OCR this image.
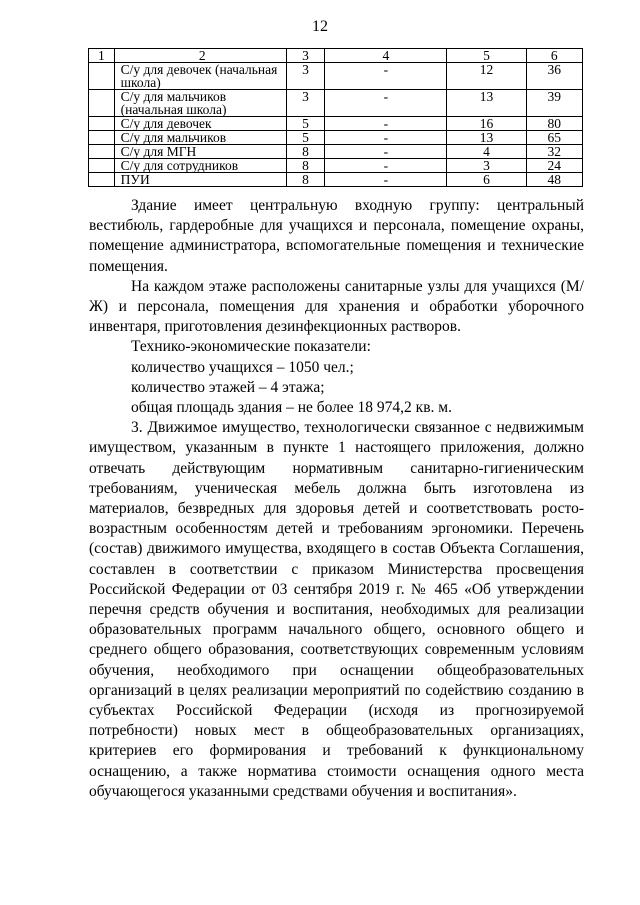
12
1	2	3	4	5	6
	С/у для девочек (начальная школа)	3	-	12	36
	С/у для мальчиков (начальная школа)	3	-	13	39
	С/у для девочек	5	-	16	80
	С/у для мальчиков	5	-	13	65
	С/у для МГН	8	-	4	32
	С/у для сотрудников	8	-	3	24
	ПУИ	8	-	6	48

Здание имеет центральную входную группу: центральный вестибюль, гардеробные для учащихся и персонала, помещение охраны, помещение администратора, вспомогательные помещения и технические помещения.

На каждом этаже расположены санитарные узлы для учащихся (М/Ж) и персонала, помещения для хранения и обработки уборочного инвентаря, приготовления дезинфекционных растворов.

Технико-экономические показатели:

количество учащихся – 1050 чел.;

количество этажей – 4 этажа;

общая площадь здания – не более 18 974,2 кв. м.

3. Движимое имущество, технологически связанное с недвижимым имуществом, указанным в пункте 1 настоящего приложения, должно отвечать действующим нормативным санитарно-гигиеническим требованиям, ученическая мебель должна быть изготовлена из материалов, безвредных для здоровья детей и соответствовать росто-возрастным особенностям детей и требованиям эргономики. Перечень (состав) движимого имущества, входящего в состав Объекта Соглашения, составлен в соответствии с приказом Министерства просвещения Российской Федерации от 03 сентября 2019 г. № 465 «Об утверждении перечня средств обучения и воспитания, необходимых для реализации образовательных программ начального общего, основного общего и среднего общего образования, соответствующих современным условиям обучения, необходимого при оснащении общеобразовательных организаций в целях реализации мероприятий по содействию созданию в субъектах Российской Федерации (исходя из прогнозируемой потребности) новых мест в общеобразовательных организациях, критериев его формирования и требований к функциональному оснащению, а также норматива стоимости оснащения одного места обучающегося указанными средствами обучения и воспитания».
